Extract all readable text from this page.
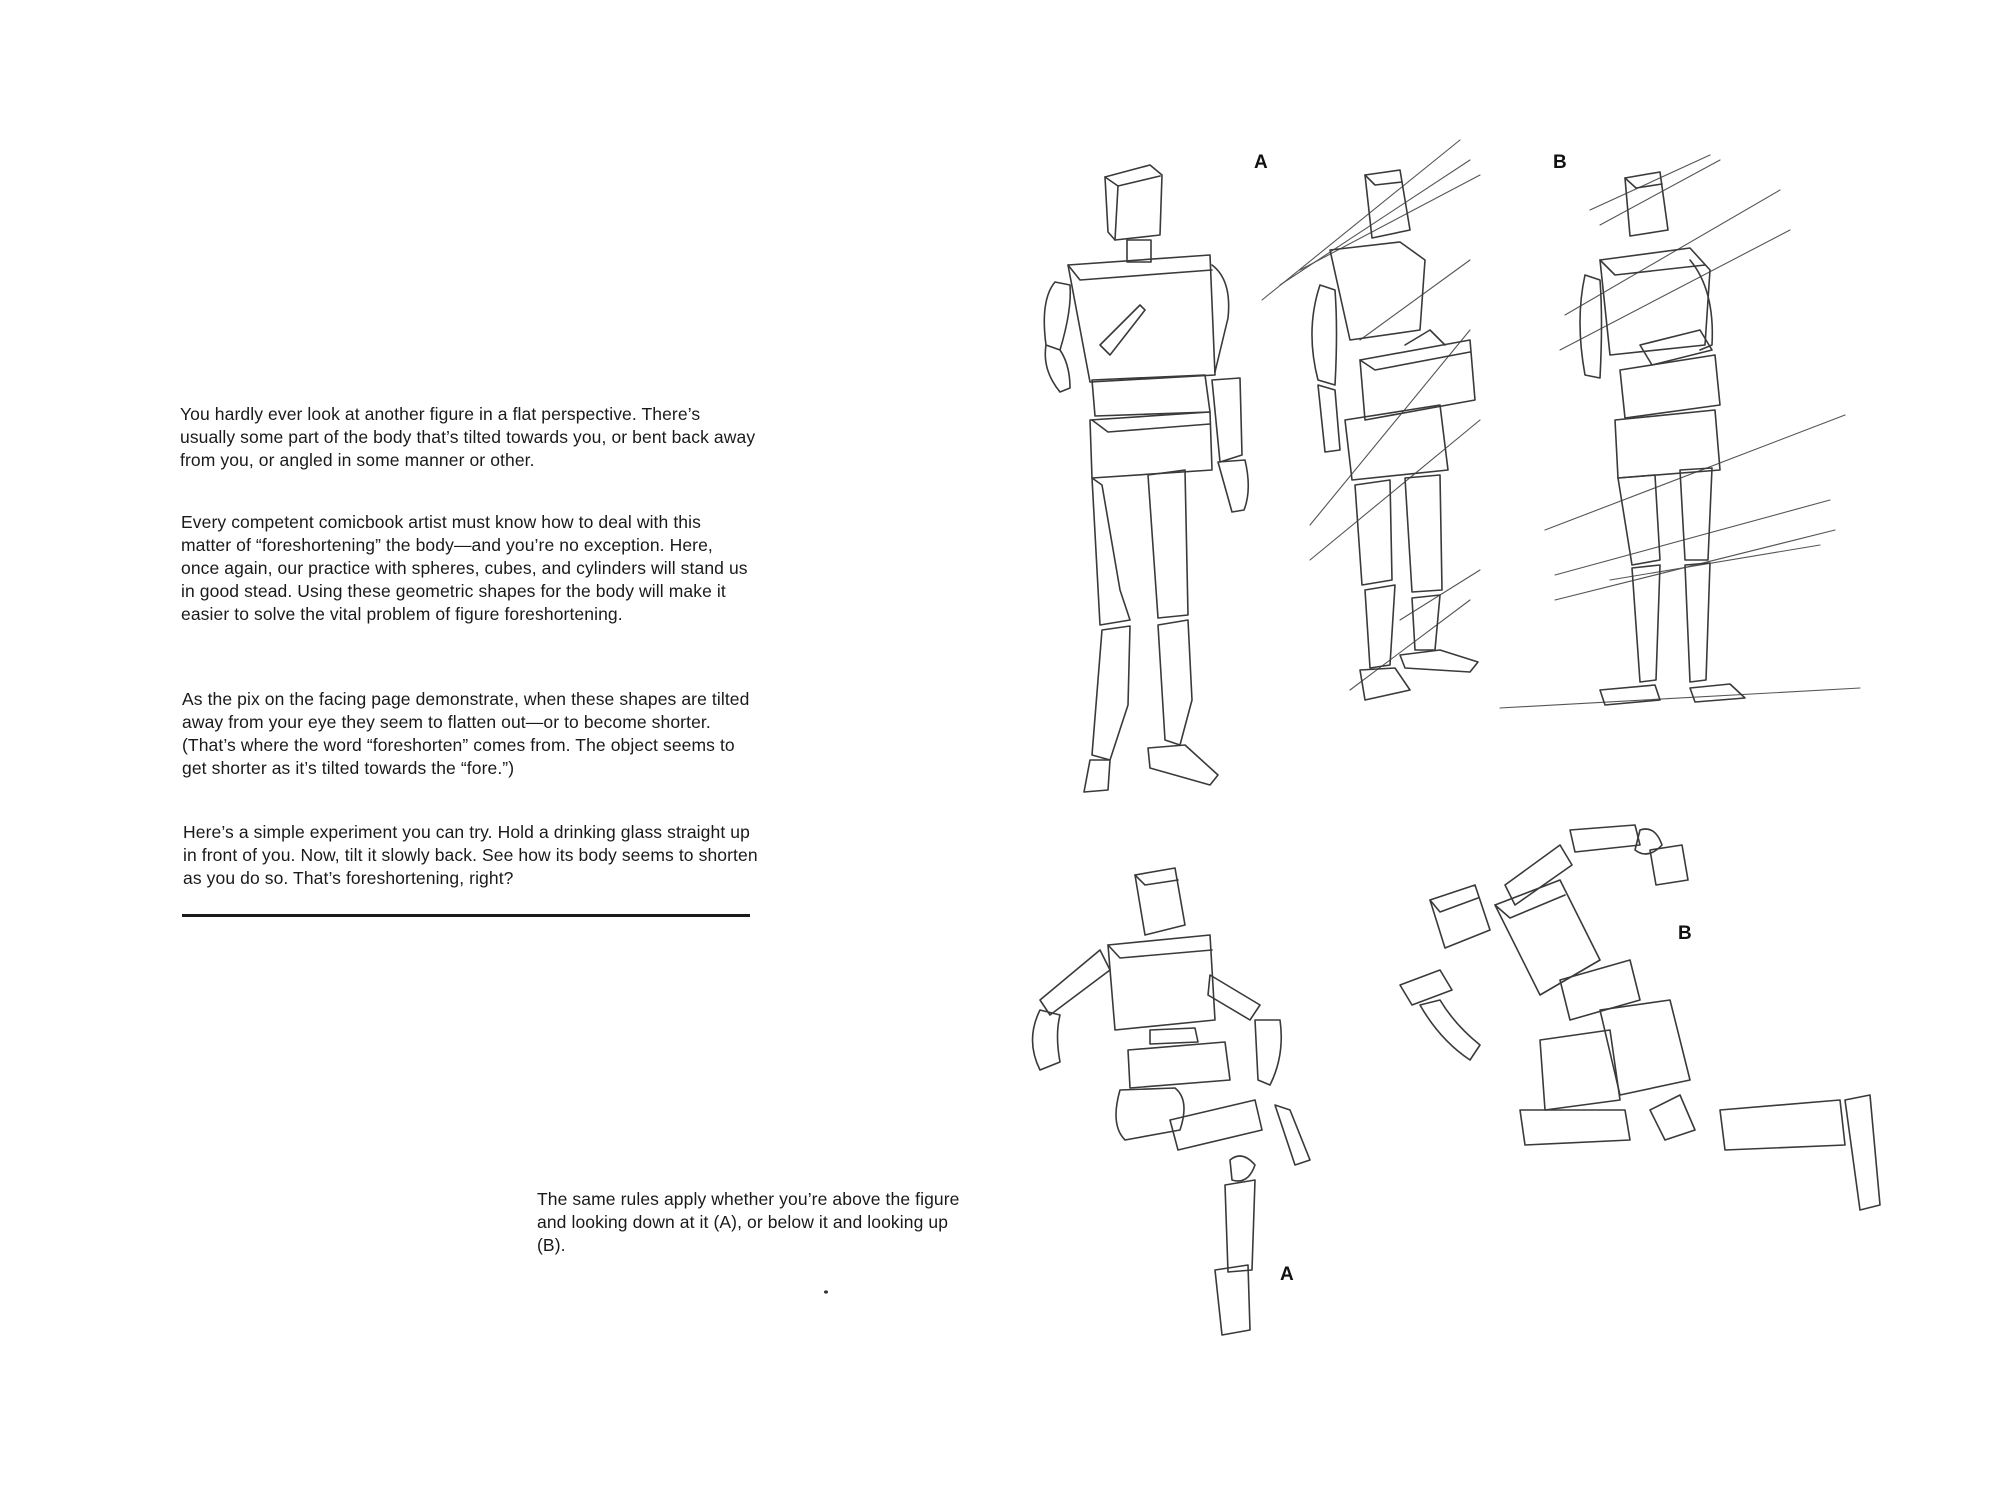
You hardly ever look at another figure in a flat perspective. There’s usually some part of the body that’s tilted towards you, or bent back away from you, or angled in some manner or other.

Every competent comicbook artist must know how to deal with this matter of “foreshortening” the body—and you’re no exception. Here, once again, our practice with spheres, cubes, and cylinders will stand us in good stead. Using these geometric shapes for the body will make it easier to solve the vital problem of figure foreshortening.

As the pix on the facing page demonstrate, when these shapes are tilted away from your eye they seem to flatten out—or to become shorter. (That’s where the word “foreshorten” comes from. The object seems to get shorter as it’s tilted towards the “fore.”)

Here’s a simple experiment you can try. Hold a drinking glass straight up in front of you. Now, tilt it slowly back. See how its body seems to shorten as you do so. That’s foreshortening, right?

The same rules apply whether you’re above the figure and looking down at it (A), or below it and looking up (B).

A	B
B
A
